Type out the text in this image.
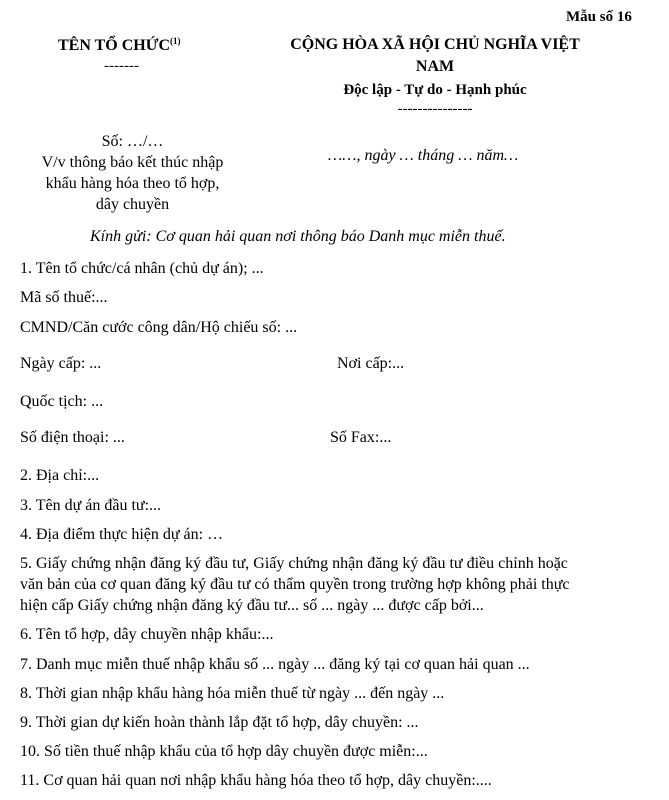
Mẫu số 16
TÊN TỔ CHỨC$^{(1)}$
-------
CỘNG HÒA XÃ HỘI CHỦ NGHĨA VIỆT
NAM
Độc lập - Tự do - Hạnh phúc
---------------
Số: …/…
V/v thông báo kết thúc nhập
khẩu hàng hóa theo tổ hợp,
dây chuyền
……, ngày … tháng … năm…
Kính gửi: Cơ quan hải quan nơi thông báo Danh mục miễn thuế.
1. Tên tổ chức/cá nhân (chủ dự án); ...
Mã số thuế:...
CMND/Căn cước công dân/Hộ chiếu số: ...
Ngày cấp: ...	Nơi cấp:...
Quốc tịch: ...
Số điện thoại: ...	Số Fax:...
2. Địa chỉ:...
3. Tên dự án đầu tư:...
4. Địa điểm thực hiện dự án: …
5. Giấy chứng nhận đăng ký đầu tư, Giấy chứng nhận đăng ký đầu tư điều chỉnh hoặc
văn bản của cơ quan đăng ký đầu tư có thẩm quyền trong trường hợp không phải thực
hiện cấp Giấy chứng nhận đăng ký đầu tư... số ... ngày ... được cấp bởi...
6. Tên tổ hợp, dây chuyền nhập khẩu:...
7. Danh mục miễn thuế nhập khẩu số ... ngày ... đăng ký tại cơ quan hải quan ...
8. Thời gian nhập khẩu hàng hóa miễn thuế từ ngày ... đến ngày ...
9. Thời gian dự kiến hoàn thành lắp đặt tổ hợp, dây chuyền: ...
10. Số tiền thuế nhập khẩu của tổ hợp dây chuyền được miễn:...
11. Cơ quan hải quan nơi nhập khẩu hàng hóa theo tổ hợp, dây chuyền:....
